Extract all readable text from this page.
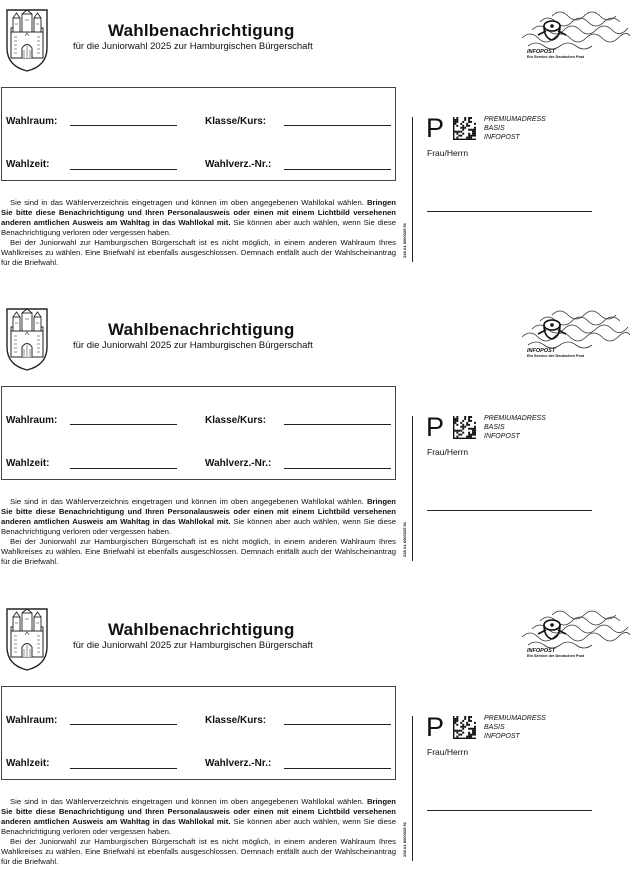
Wahlbenachrichtigung
für die Juniorwahl 2025 zur Hamburgischen Bürgerschaft	INFOPOST
Ein Service der Deutschen Post
Wahlraum:	Klasse/Kurs:
Wahlzeit:	Wahlverz.-Nr.:

Sie sind in das Wählerverzeichnis eingetragen und können im oben angegebenen Wahllokal wählen. Bringen Sie bitte diese Benachrichtigung und Ihren Personalausweis oder einen mit einem Lichtbild versehenen anderen amtlichen Ausweis am Wahltag in das Wahllokal mit. Sie können aber auch wählen, wenn Sie diese Benachrichtigung verloren oder vergessen haben.

Bei der Juniorwahl zur Hamburgischen Bürgerschaft ist es nicht möglich, in einem anderen Wahlraum Ihres Wahlkreises zu wählen. Eine Briefwahl ist ebenfalls ausgeschlossen. Demnach entfällt auch der Wahlscheinantrag für die Briefwahl.

228 A1 6000325 91
P	PREMIUMADRESS
BASIS
INFOPOST
Frau/Herrn
Wahlbenachrichtigung
für die Juniorwahl 2025 zur Hamburgischen Bürgerschaft	INFOPOST
Ein Service der Deutschen Post
Wahlraum:	Klasse/Kurs:
Wahlzeit:	Wahlverz.-Nr.:

Sie sind in das Wählerverzeichnis eingetragen und können im oben angegebenen Wahllokal wählen. Bringen Sie bitte diese Benachrichtigung und Ihren Personalausweis oder einen mit einem Lichtbild versehenen anderen amtlichen Ausweis am Wahltag in das Wahllokal mit. Sie können aber auch wählen, wenn Sie diese Benachrichtigung verloren oder vergessen haben.

Bei der Juniorwahl zur Hamburgischen Bürgerschaft ist es nicht möglich, in einem anderen Wahlraum Ihres Wahlkreises zu wählen. Eine Briefwahl ist ebenfalls ausgeschlossen. Demnach entfällt auch der Wahlscheinantrag für die Briefwahl.

228 A1 6000325 91
P	PREMIUMADRESS
BASIS
INFOPOST
Frau/Herrn
Wahlbenachrichtigung
für die Juniorwahl 2025 zur Hamburgischen Bürgerschaft	INFOPOST
Ein Service der Deutschen Post
Wahlraum:	Klasse/Kurs:
Wahlzeit:	Wahlverz.-Nr.:

Sie sind in das Wählerverzeichnis eingetragen und können im oben angegebenen Wahllokal wählen. Bringen Sie bitte diese Benachrichtigung und Ihren Personalausweis oder einen mit einem Lichtbild versehenen anderen amtlichen Ausweis am Wahltag in das Wahllokal mit. Sie können aber auch wählen, wenn Sie diese Benachrichtigung verloren oder vergessen haben.

Bei der Juniorwahl zur Hamburgischen Bürgerschaft ist es nicht möglich, in einem anderen Wahlraum Ihres Wahlkreises zu wählen. Eine Briefwahl ist ebenfalls ausgeschlossen. Demnach entfällt auch der Wahlscheinantrag für die Briefwahl.

228 A1 6000325 91
P	PREMIUMADRESS
BASIS
INFOPOST
Frau/Herrn
